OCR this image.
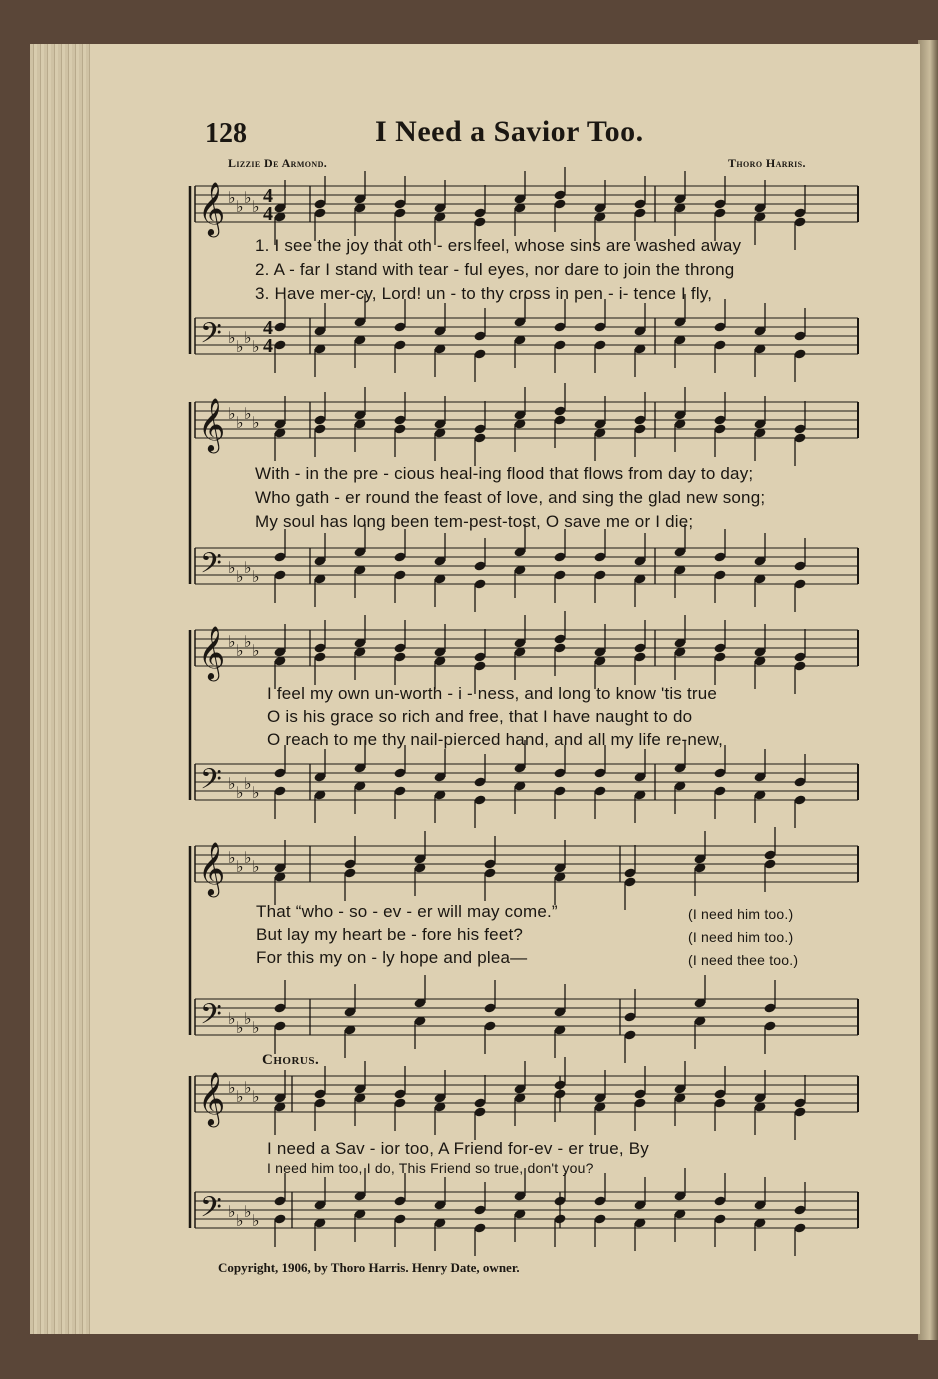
128	I Need a Savior Too.
Lizzie De Armond.	Thoro Harris.
𝄞
𝄢
♭
♭
♭
♭
♭
♭
♭
♭
𝄞
𝄢
♭
♭
♭
♭
♭
♭
♭
♭
𝄞
𝄢
♭
♭
♭
♭
♭
♭
♭
♭
𝄞
𝄢
♭
♭
♭
♭
♭
♭
♭
♭
𝄞
𝄢
♭
♭
♭
♭
♭
♭
♭
♭
4
4
4
4
1. I see the joy that oth - ers feel, whose sins are washed away
2. A - far I stand with tear - ful eyes, nor dare to join the throng
3. Have mer-cy, Lord! un - to thy cross in pen - i- tence I fly,
With - in the pre - cious heal-ing flood that flows from day to day;
Who gath - er round the feast of love, and sing the glad new song;
My soul has long been tem-pest-tost, O save me or I die;
I feel my own un-worth - i - ness, and long to know 'tis true
O is his grace so rich and free, that I have naught to do
O reach to me thy nail-pierced hand, and all my life re-new,
That “who - so - ev - er will may come.”
But lay my heart be - fore his feet?
For this my on - ly hope and plea—
(I need him too.)
(I need him too.)
(I need thee too.)
Chorus.
I need a Sav - ior too, A Friend for-ev - er true, By
I need him too, I do, This Friend so true, don't you?
Copyright, 1906, by Thoro Harris. Henry Date, owner.
